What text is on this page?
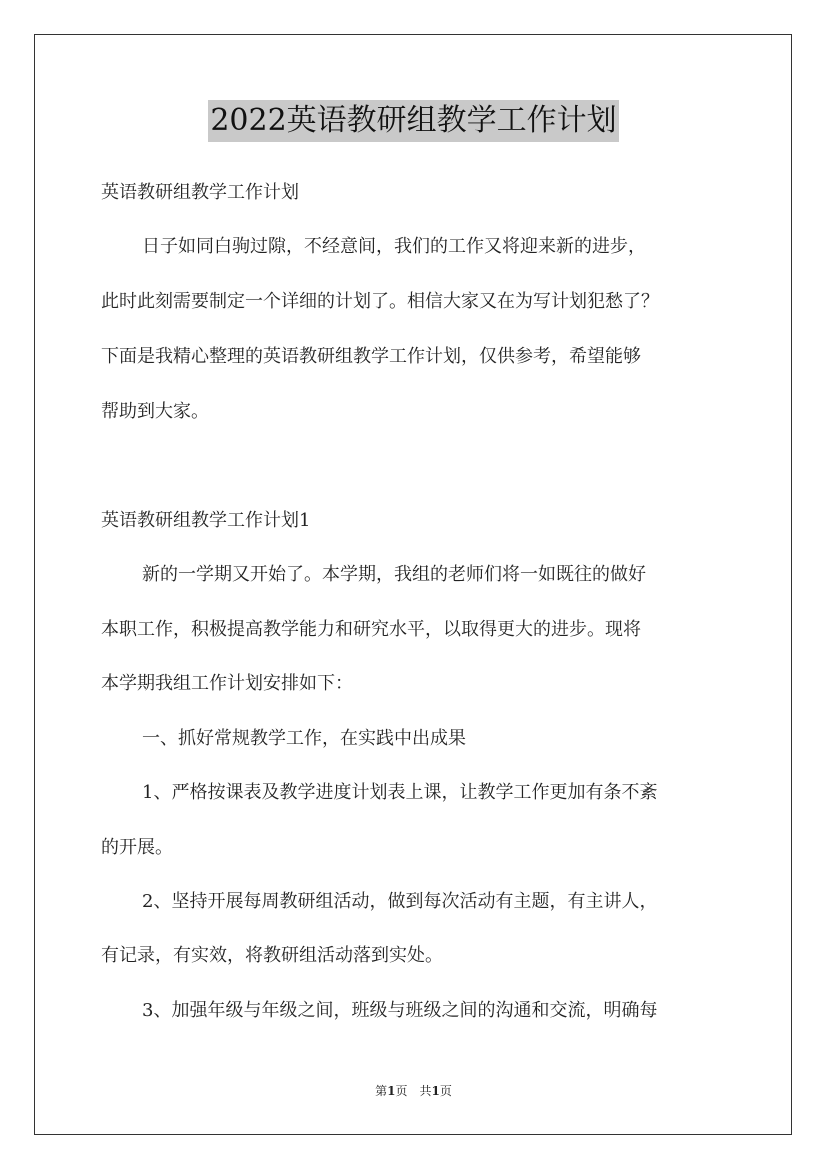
2022英语教研组教学工作计划

英语教研组教学工作计划

日子如同白驹过隙，不经意间，我们的工作又将迎来新的进步，

此时此刻需要制定一个详细的计划了。相信大家又在为写计划犯愁了？

下面是我精心整理的英语教研组教学工作计划，仅供参考，希望能够

帮助到大家。

英语教研组教学工作计划1

新的一学期又开始了。本学期，我组的老师们将一如既往的做好

本职工作，积极提高教学能力和研究水平，以取得更大的进步。现将

本学期我组工作计划安排如下：

一、抓好常规教学工作，在实践中出成果

1、严格按课表及教学进度计划表上课，让教学工作更加有条不紊

的开展。

2、坚持开展每周教研组活动，做到每次活动有主题，有主讲人，

有记录，有实效，将教研组活动落到实处。

3、加强年级与年级之间，班级与班级之间的沟通和交流，明确每

第1页 共1页
